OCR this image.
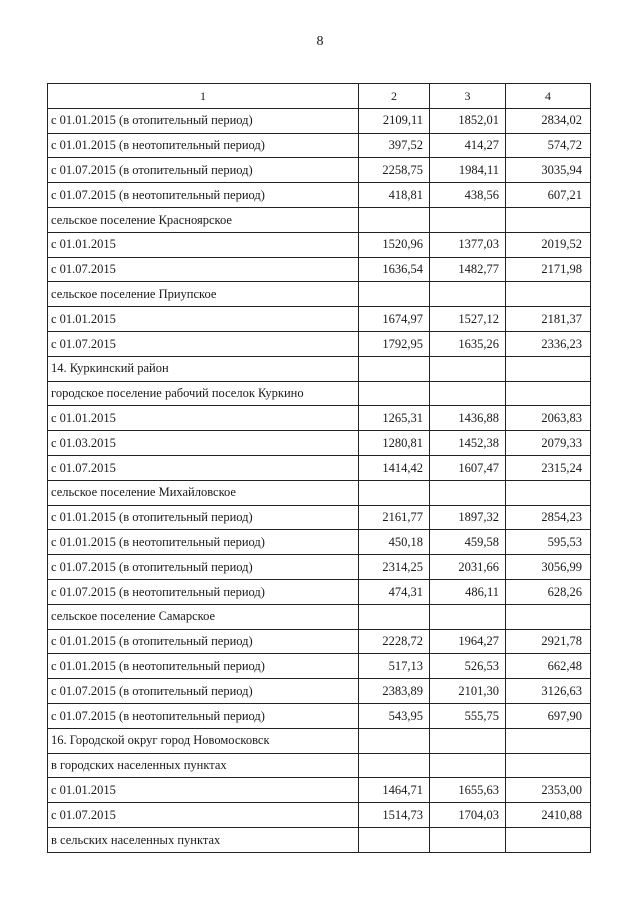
8
1	2	3	4
с 01.01.2015 (в отопительный период)	2109,11	1852,01	2834,02
с 01.01.2015 (в неотопительный период)	397,52	414,27	574,72
с 01.07.2015 (в отопительный период)	2258,75	1984,11	3035,94
с 01.07.2015 (в неотопительный период)	418,81	438,56	607,21
сельское поселение Красноярское			
с 01.01.2015	1520,96	1377,03	2019,52
с 01.07.2015	1636,54	1482,77	2171,98
сельское поселение Приупское			
с 01.01.2015	1674,97	1527,12	2181,37
с 01.07.2015	1792,95	1635,26	2336,23
14. Куркинский район			
городское поселение рабочий поселок Куркино			
с 01.01.2015	1265,31	1436,88	2063,83
с 01.03.2015	1280,81	1452,38	2079,33
с 01.07.2015	1414,42	1607,47	2315,24
сельское поселение Михайловское			
с 01.01.2015 (в отопительный период)	2161,77	1897,32	2854,23
с 01.01.2015 (в неотопительный период)	450,18	459,58	595,53
с 01.07.2015 (в отопительный период)	2314,25	2031,66	3056,99
с 01.07.2015 (в неотопительный период)	474,31	486,11	628,26
сельское поселение Самарское			
с 01.01.2015 (в отопительный период)	2228,72	1964,27	2921,78
с 01.01.2015 (в неотопительный период)	517,13	526,53	662,48
с 01.07.2015 (в отопительный период)	2383,89	2101,30	3126,63
с 01.07.2015 (в неотопительный период)	543,95	555,75	697,90
16. Городской округ город Новомосковск			
в городских населенных пунктах			
с 01.01.2015	1464,71	1655,63	2353,00
с 01.07.2015	1514,73	1704,03	2410,88
в сельских населенных пунктах			
